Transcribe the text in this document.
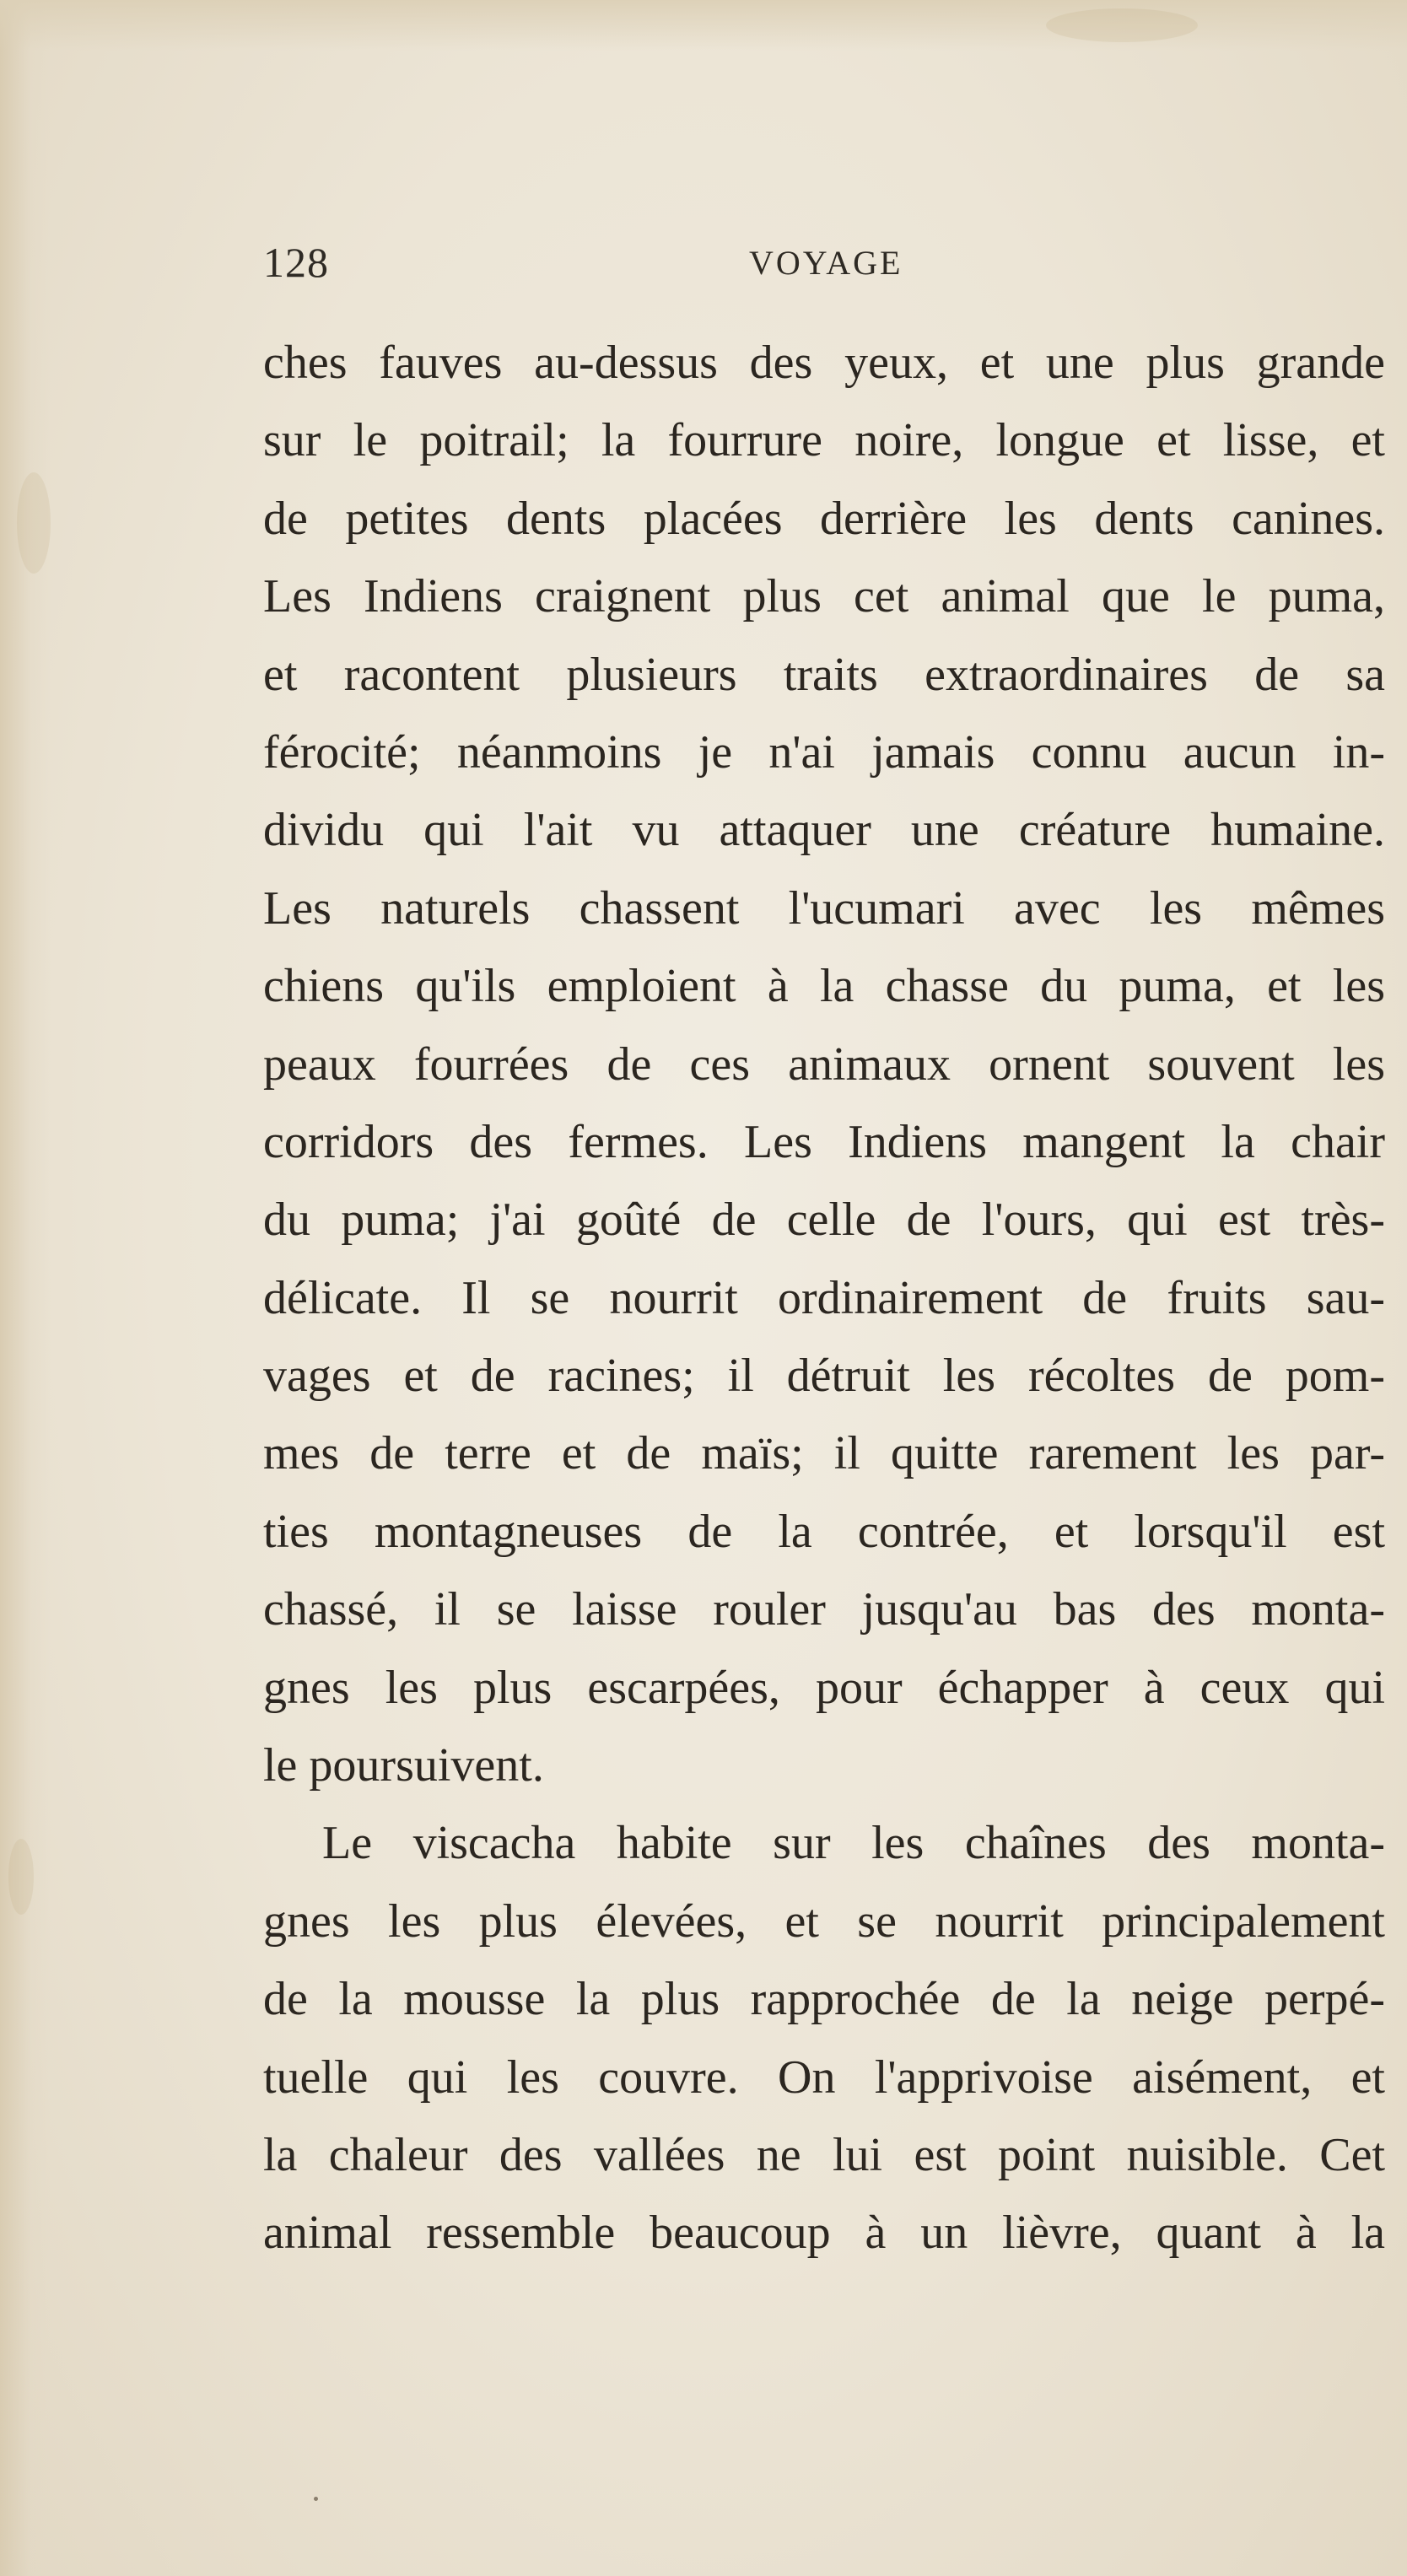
128	VOYAGE
ches fauves au-dessus des yeux, et une plus grande
sur le poitrail; la fourrure noire, longue et lisse, et
de petites dents placées derrière les dents canines.
Les Indiens craignent plus cet animal que le puma,
et racontent plusieurs traits extraordinaires de sa
férocité; néanmoins je n'ai jamais connu aucun in-
dividu qui l'ait vu attaquer une créature humaine.
Les naturels chassent l'ucumari avec les mêmes
chiens qu'ils emploient à la chasse du puma, et les
peaux fourrées de ces animaux ornent souvent les
corridors des fermes. Les Indiens mangent la chair
du puma; j'ai goûté de celle de l'ours, qui est très-
délicate. Il se nourrit ordinairement de fruits sau-
vages et de racines; il détruit les récoltes de pom-
mes de terre et de maïs; il quitte rarement les par-
ties montagneuses de la contrée, et lorsqu'il est
chassé, il se laisse rouler jusqu'au bas des monta-
gnes les plus escarpées, pour échapper à ceux qui
le poursuivent.
Le viscacha habite sur les chaînes des monta-
gnes les plus élevées, et se nourrit principalement
de la mousse la plus rapprochée de la neige perpé-
tuelle qui les couvre. On l'apprivoise aisément, et
la chaleur des vallées ne lui est point nuisible. Cet
animal ressemble beaucoup à un lièvre, quant à la
